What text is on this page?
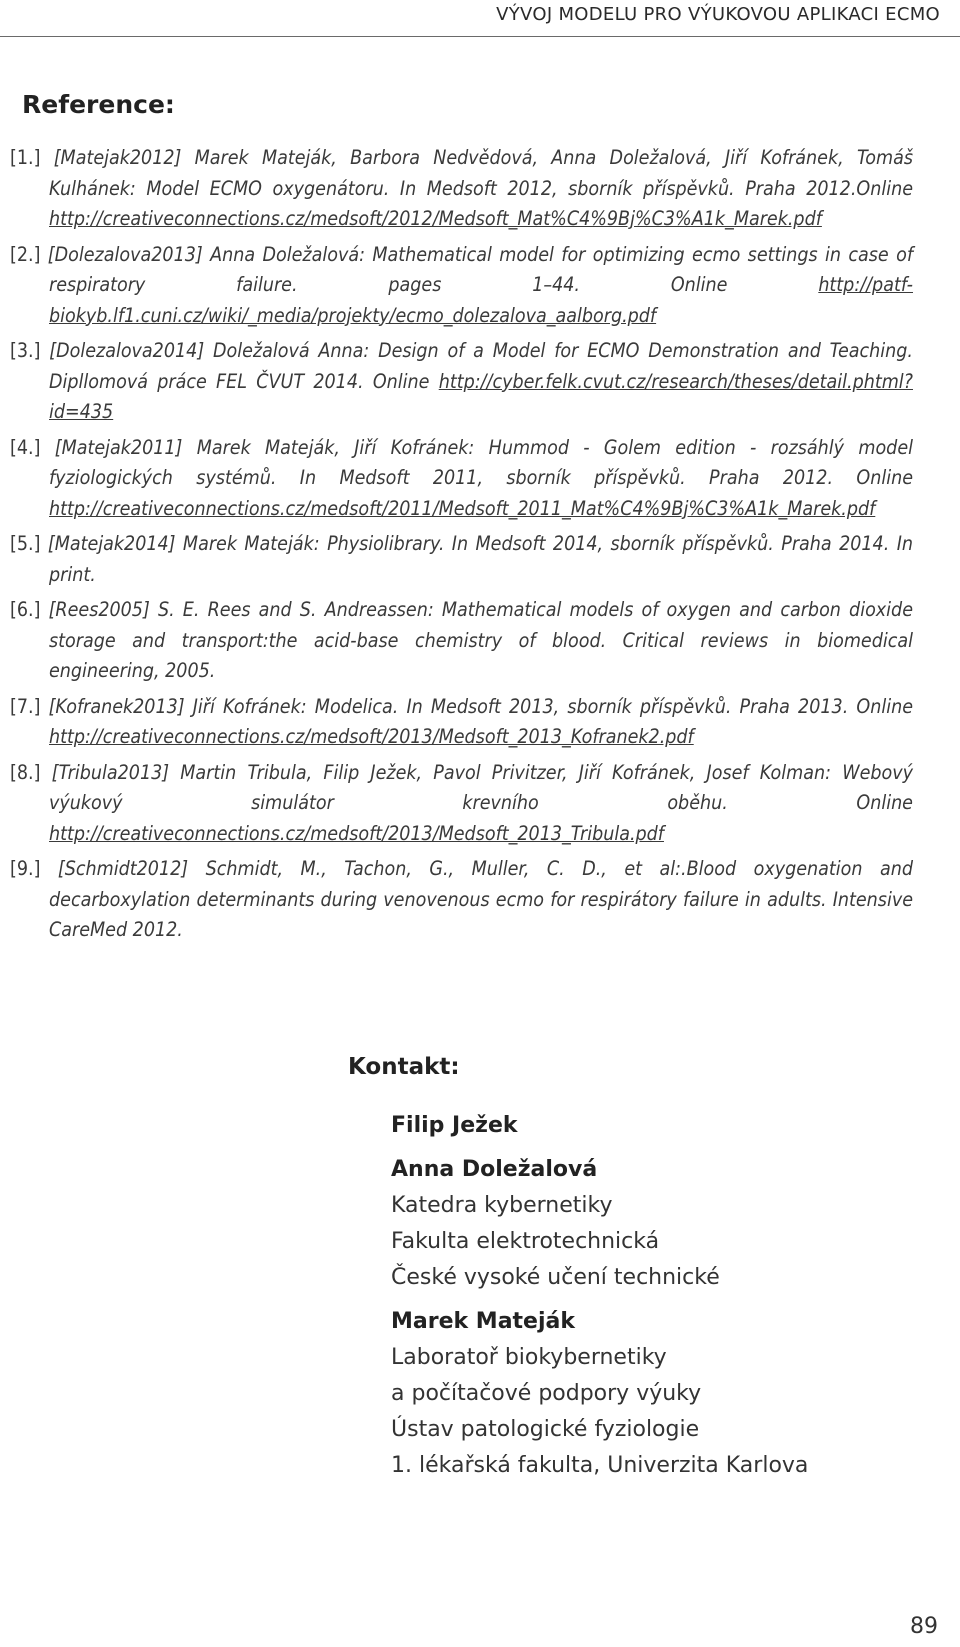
VÝVOJ MODELU PRO VÝUKOVOU APLIKACI ECMO
Reference:
[1.] [Matejak2012] Marek Mateják, Barbora Nedvědová, Anna Doležalová, Jiří Kofránek, Tomáš Kulhánek: Model ECMO oxygenátoru. In Medsoft 2012, sborník příspěvků. Praha 2012.Online http://creativeconnections.cz/medsoft/2012/Medsoft_Mat%C4%9Bj%C3%A1k_Marek.pdf
[2.] [Dolezalova2013] Anna Doležalová: Mathematical model for optimizing ecmo settings in case of respiratory failure. pages 1–44. Online http://patf-biokyb.lf1.cuni.cz/wiki/_media/projekty/ecmo_dolezalova_aalborg.pdf
[3.] [Dolezalova2014] Doležalová Anna: Design of a Model for ECMO Demonstration and Teaching. Dipllomová práce FEL ČVUT 2014. Online http://cyber.felk.cvut.cz/research/theses/detail.phtml?id=435
[4.] [Matejak2011] Marek Mateják, Jiří Kofránek: Hummod - Golem edition - rozsáhlý model fyziologických systémů. In Medsoft 2011, sborník příspěvků. Praha 2012. Online http://creativeconnections.cz/medsoft/2011/Medsoft_2011_Mat%C4%9Bj%C3%A1k_Marek.pdf
[5.] [Matejak2014] Marek Mateják: Physiolibrary. In Medsoft 2014, sborník příspěvků. Praha 2014. In print.
[6.] [Rees2005] S. E. Rees and S. Andreassen: Mathematical models of oxygen and carbon dioxide storage and transport:the acid-base chemistry of blood. Critical reviews in biomedical engineering, 2005.
[7.] [Kofranek2013] Jiří Kofránek: Modelica. In Medsoft 2013, sborník příspěvků. Praha 2013. Online http://creativeconnections.cz/medsoft/2013/Medsoft_2013_Kofranek2.pdf
[8.] [Tribula2013] Martin Tribula, Filip Ježek, Pavol Privitzer, Jiří Kofránek, Josef Kolman: Webový výukový simulátor krevního oběhu. Online http://creativeconnections.cz/medsoft/2013/Medsoft_2013_Tribula.pdf
[9.] [Schmidt2012] Schmidt, M., Tachon, G., Muller, C. D., et al:.Blood oxygenation and decarboxylation determinants during venovenous ecmo for respirátory failure in adults. Intensive CareMed 2012.
Kontakt:
Filip Ježek
Anna Doležalová
Katedra kybernetiky
Fakulta elektrotechnická
České vysoké učení technické
Marek Mateják
Laboratoř biokybernetiky
a počítačové podpory výuky
Ústav patologické fyziologie
1. lékařská fakulta, Univerzita Karlova
89
